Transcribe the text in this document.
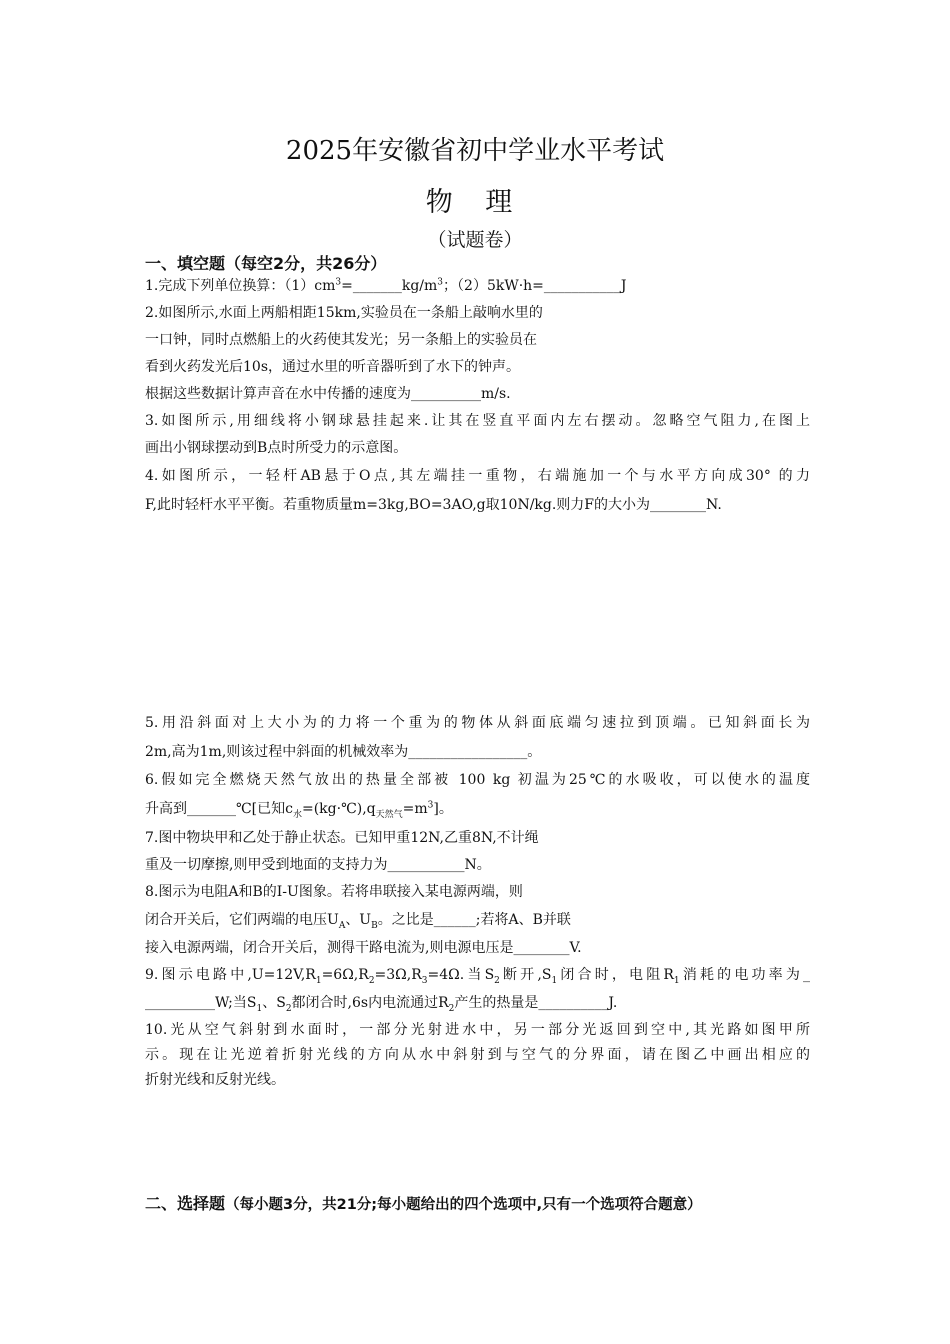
2025年安徽省初中学业水平考试
物 理
（试题卷）
一、填空题（每空2分，共26分）
1.完成下列单位换算：$(1)cm^3=\_\_\_\_\_\_\_kg/m^3$；（2）5kW·h=___________J
2.如图所示,水面上两船相距15km,实验员在一条船上敲响水里的
一口钟，同时点燃船上的火药使其发光；另一条船上的实验员在
看到火药发光后10s，通过水里的听音器听到了水下的钟声。
根据这些数据计算声音在水中传播的速度为__________m/s.
3.如图所示,用细线将小钢球悬挂起来.让其在竖直平面内左右摆动。忽略空气阻力,在图上
画出小钢球摆动到B点时所受力的示意图。
4.如图所示，一轻杆AB悬于O点,其左端挂一重物，右端施加一个与水平方向成30° 的力
F,此时轻杆水平平衡。若重物质量m=3kg,BO=3AO,g取10N/kg.则力F的大小为________N.
5.用沿斜面对上大小为的力将一个重为的物体从斜面底端匀速拉到顶端。已知斜面长为
2m,高为1m,则该过程中斜面的机械效率为_________________。
6.假如完全燃烧天然气放出的热量全部被 100 kg 初温为25℃的水吸收，可以使水的温度
升高到_______℃[已知$c_水=(kg\cdot℃),q_{天然气}=m^3$]。
7.图中物块甲和乙处于静止状态。已知甲重12N,乙重8N,不计绳
重及一切摩擦,则甲受到地面的支持力为___________N。
8.图示为电阻A和B的I-U图象。若将串联接入某电源两端，则
闭合开关后，它们两端的电压$U_A$、$U_B$。之比是______;若将A、B并联
接入电源两端，闭合开关后，测得干路电流为,则电源电压是________V.
9.图示电路中$,U=12V,R_1=6\Omega,R_2=3\Omega,R_3=4\Omega$.当$S_2$断开$,S_1$闭合时，电阻$R_1$消耗的电功率为_
__________W;当$S_1$、$S_2$都闭合时,6s内电流通过$R_2$产生的热量是__________J.
10.光从空气斜射到水面时，一部分光射进水中，另一部分光返回到空中,其光路如图甲所
示。现在让光逆着折射光线的方向从水中斜射到与空气的分界面，请在图乙中画出相应的
折射光线和反射光线。
二、选择题（每小题3分，共21分;每小题给出的四个选项中,只有一个选项符合题意）
